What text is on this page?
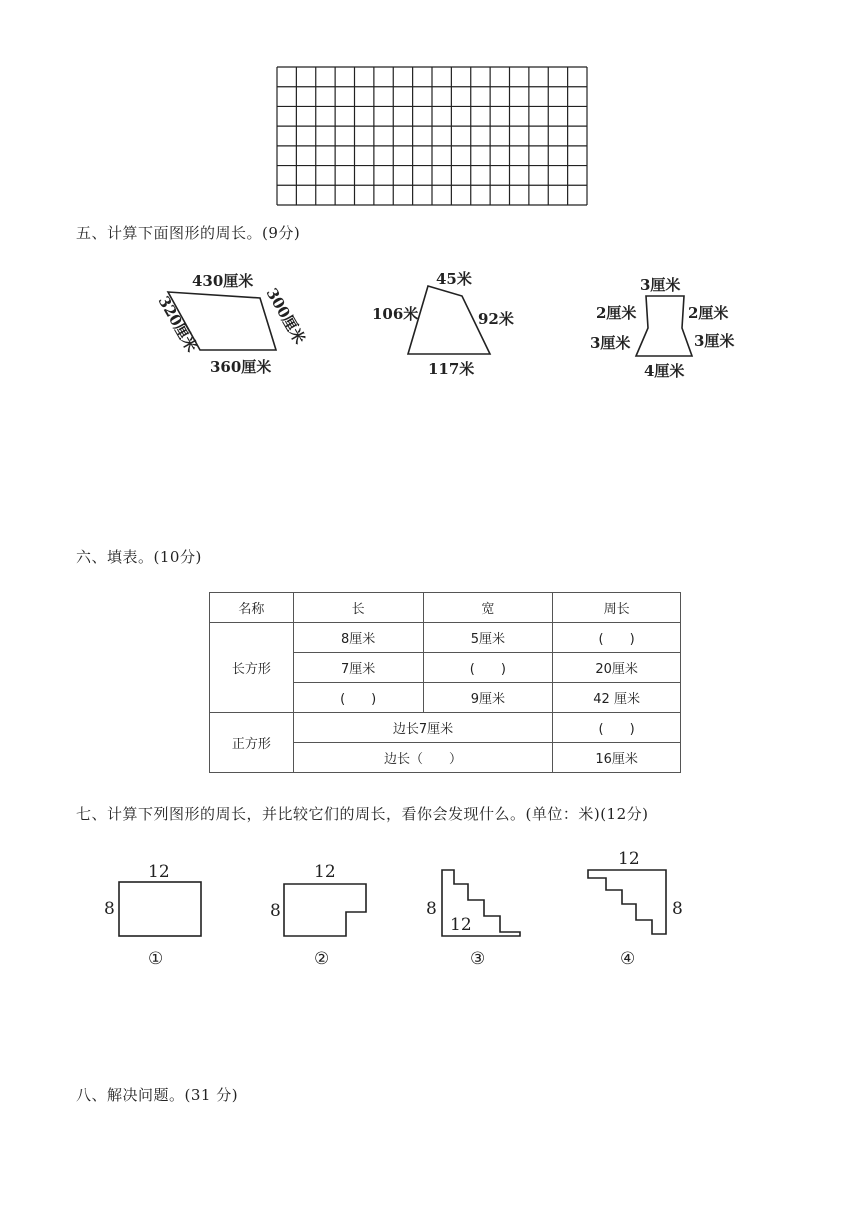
五、计算下面图形的周长。(9分)
430厘米
300厘米
320厘米
360厘米
45米
106米	92米
117米
3厘米
2厘米	2厘米
3厘米	3厘米
4厘米
六、填表。(10分)
名称	长	宽	周长
长方形	8厘米	5厘米	(　　)
	7厘米	(　　)	20厘米
	(　　)	9厘米	42 厘米
正方形	边长7厘米		(　　)
	边长（　　）		16厘米
七、计算下列图形的周长，并比较它们的周长，看你会发现什么。(单位：米)(12分)
12
8
①
12
8
②
8
12
③
12
8
④
八、解决问题。(31 分)
